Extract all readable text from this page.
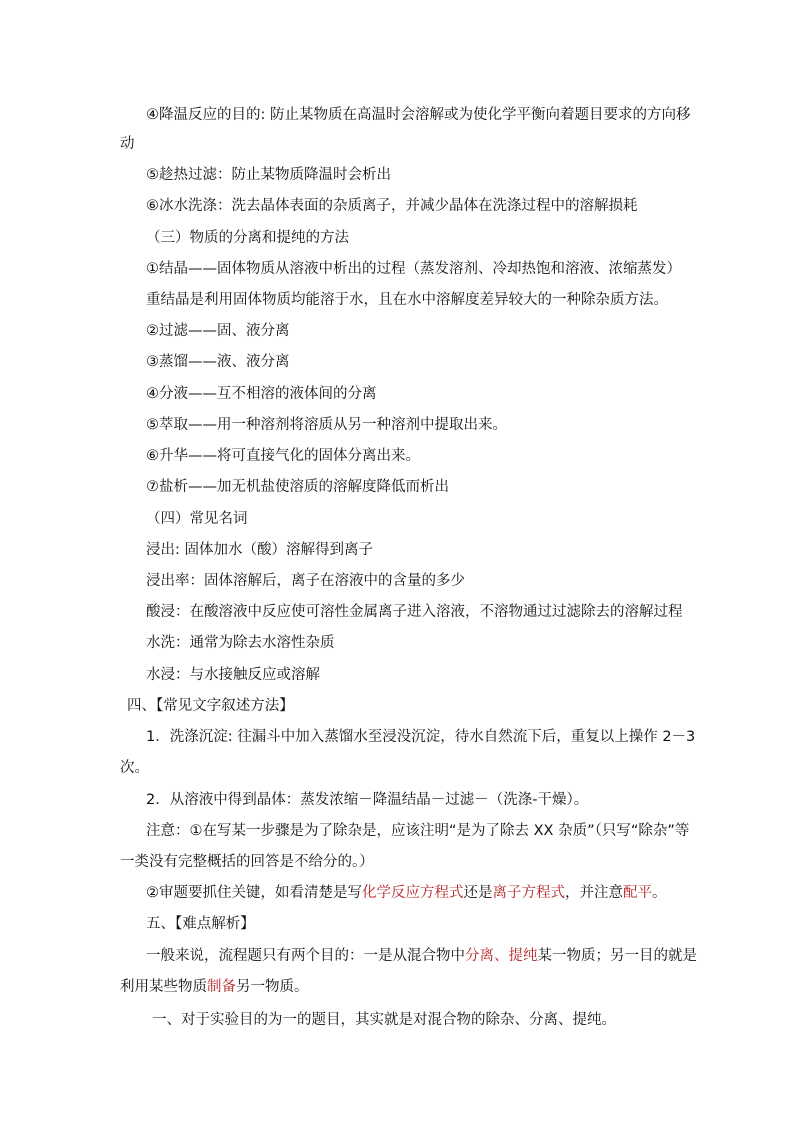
④降温反应的目的: 防止某物质在高温时会溶解或为使化学平衡向着题目要求的方向移
动
⑤趁热过滤：防止某物质降温时会析出
⑥冰水洗涤：洗去晶体表面的杂质离子，并减少晶体在洗涤过程中的溶解损耗
（三）物质的分离和提纯的方法
①结晶——固体物质从溶液中析出的过程（蒸发溶剂、冷却热饱和溶液、浓缩蒸发）
重结晶是利用固体物质均能溶于水，且在水中溶解度差异较大的一种除杂质方法。
②过滤——固、液分离
③蒸馏——液、液分离
④分液——互不相溶的液体间的分离
⑤萃取——用一种溶剂将溶质从另一种溶剂中提取出来。
⑥升华——将可直接气化的固体分离出来。
⑦盐析——加无机盐使溶质的溶解度降低而析出
（四）常见名词
浸出: 固体加水（酸）溶解得到离子
浸出率：固体溶解后，离子在溶液中的含量的多少
酸浸：在酸溶液中反应使可溶性金属离子进入溶液，不溶物通过过滤除去的溶解过程
水洗：通常为除去水溶性杂质
水浸：与水接触反应或溶解
四、【常见文字叙述方法】
1．洗涤沉淀: 往漏斗中加入蒸馏水至浸没沉淀，待水自然流下后，重复以上操作 2－3
次。
2．从溶液中得到晶体：蒸发浓缩－降温结晶－过滤－（洗涤-干燥）。
注意：①在写某一步骤是为了除杂是，应该注明“是为了除去 XX 杂质”（只写“除杂”等
一类没有完整概括的回答是不给分的。）
②审题要抓住关键，如看清楚是写化学反应方程式还是离子方程式，并注意配平。
五、【难点解析】
一般来说，流程题只有两个目的：一是从混合物中分离、提纯某一物质；另一目的就是
利用某些物质制备另一物质。
一、对于实验目的为一的题目，其实就是对混合物的除杂、分离、提纯。
